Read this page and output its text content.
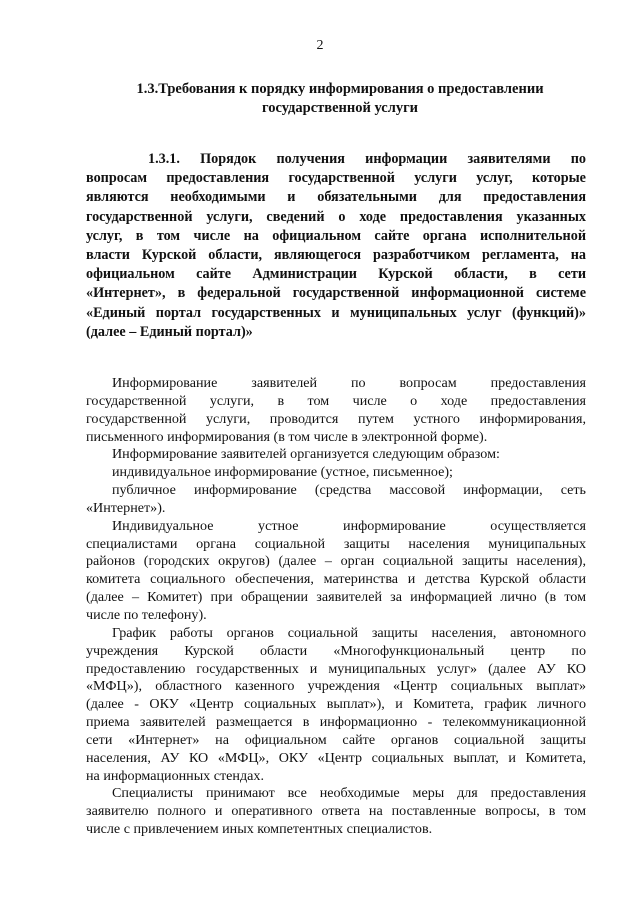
2
1.3.Требования к порядку информирования о предоставлении
государственной услуги
1.3.1. Порядок получения информации заявителями по
вопросам предоставления государственной услуги услуг, которые
являются необходимыми и обязательными для предоставления
государственной услуги, сведений о ходе предоставления указанных
услуг, в том числе на официальном сайте органа исполнительной
власти Курской области, являющегося разработчиком регламента, на
официальном сайте Администрации Курской области, в сети
«Интернет», в федеральной государственной информационной системе
«Единый портал государственных и муниципальных услуг (функций)»
(далее – Единый портал)»
Информирование заявителей по вопросам предоставления
государственной услуги, в том числе о ходе предоставления
государственной услуги, проводится путем устного информирования,
письменного информирования (в том числе в электронной форме).
Информирование заявителей организуется следующим образом:
индивидуальное информирование (устное, письменное);
публичное информирование (средства массовой информации, сеть
«Интернет»).
Индивидуальное устное информирование осуществляется
специалистами органа социальной защиты населения муниципальных
районов (городских округов) (далее – орган социальной защиты населения),
комитета социального обеспечения, материнства и детства Курской области
(далее – Комитет) при обращении заявителей за информацией лично (в том
числе по телефону).
График работы органов социальной защиты населения, автономного
учреждения Курской области «Многофункциональный центр по
предоставлению государственных и муниципальных услуг» (далее АУ КО
«МФЦ»), областного казенного учреждения «Центр социальных выплат»
(далее - ОКУ «Центр социальных выплат»), и Комитета, график личного
приема заявителей размещается в информационно - телекоммуникационной
сети «Интернет» на официальном сайте органов социальной защиты
населения, АУ КО «МФЦ», ОКУ «Центр социальных выплат, и Комитета,
на информационных стендах.
Специалисты принимают все необходимые меры для предоставления
заявителю полного и оперативного ответа на поставленные вопросы, в том
числе с привлечением иных компетентных специалистов.
